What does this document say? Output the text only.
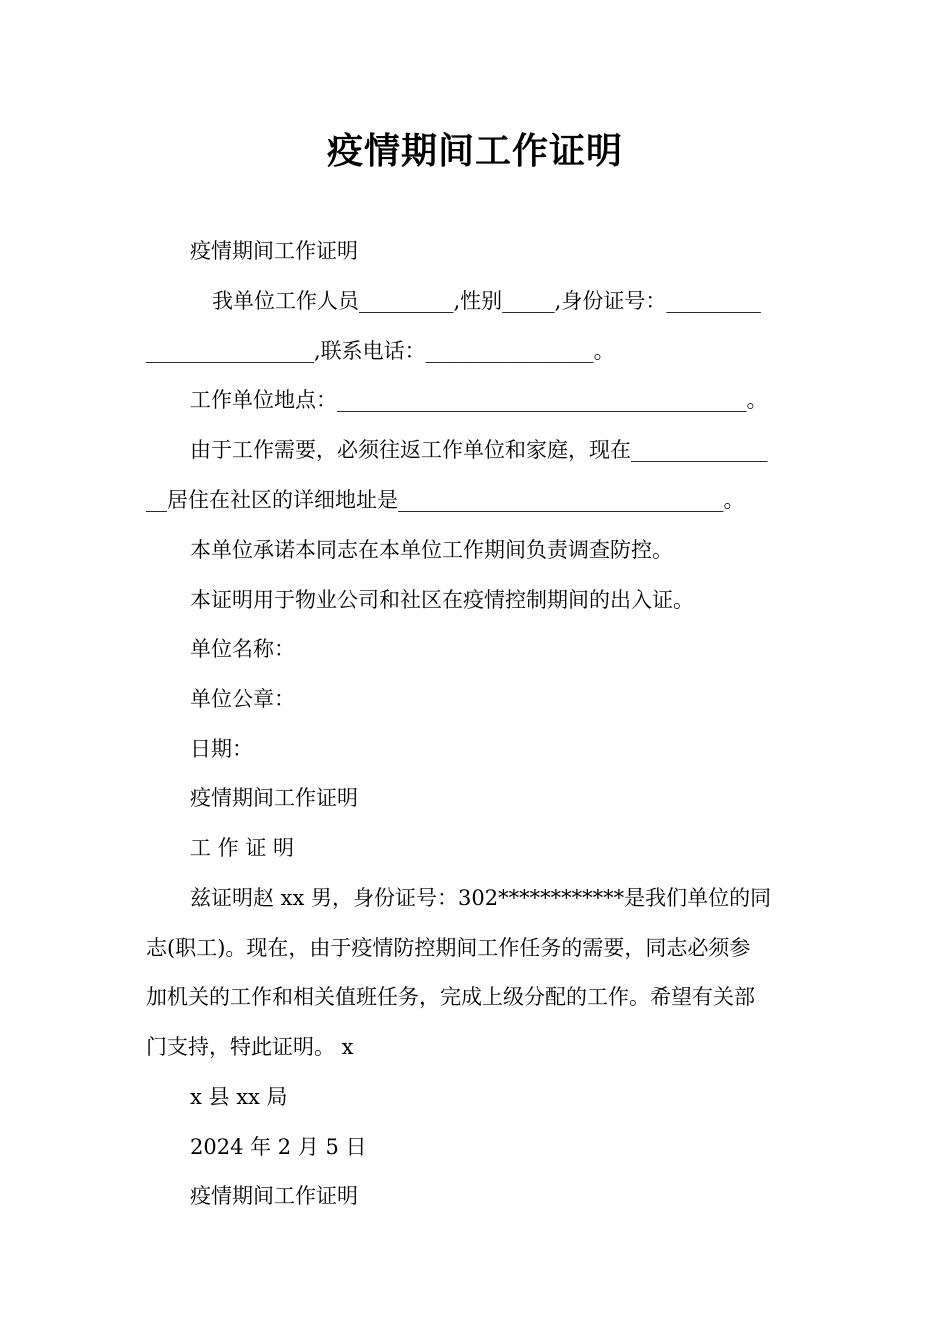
疫情期间工作证明
疫情期间工作证明
我单位工作人员_________,性别_____,身份证号：_________
________________,联系电话：________________。
工作单位地点：_______________________________________。
由于工作需要，必须往返工作单位和家庭，现在_____________
__居住在社区的详细地址是_______________________________。
本单位承诺本同志在本单位工作期间负责调查防控。
本证明用于物业公司和社区在疫情控制期间的出入证。
单位名称：
单位公章：
日期：
疫情期间工作证明
工 作 证 明
兹证明赵 xx 男，身份证号：302************是我们单位的同
志(职工)。现在，由于疫情防控期间工作任务的需要，同志必须参
加机关的工作和相关值班任务，完成上级分配的工作。希望有关部
门支持，特此证明。 x
x 县 xx 局
2024 年 2 月 5 日
疫情期间工作证明
